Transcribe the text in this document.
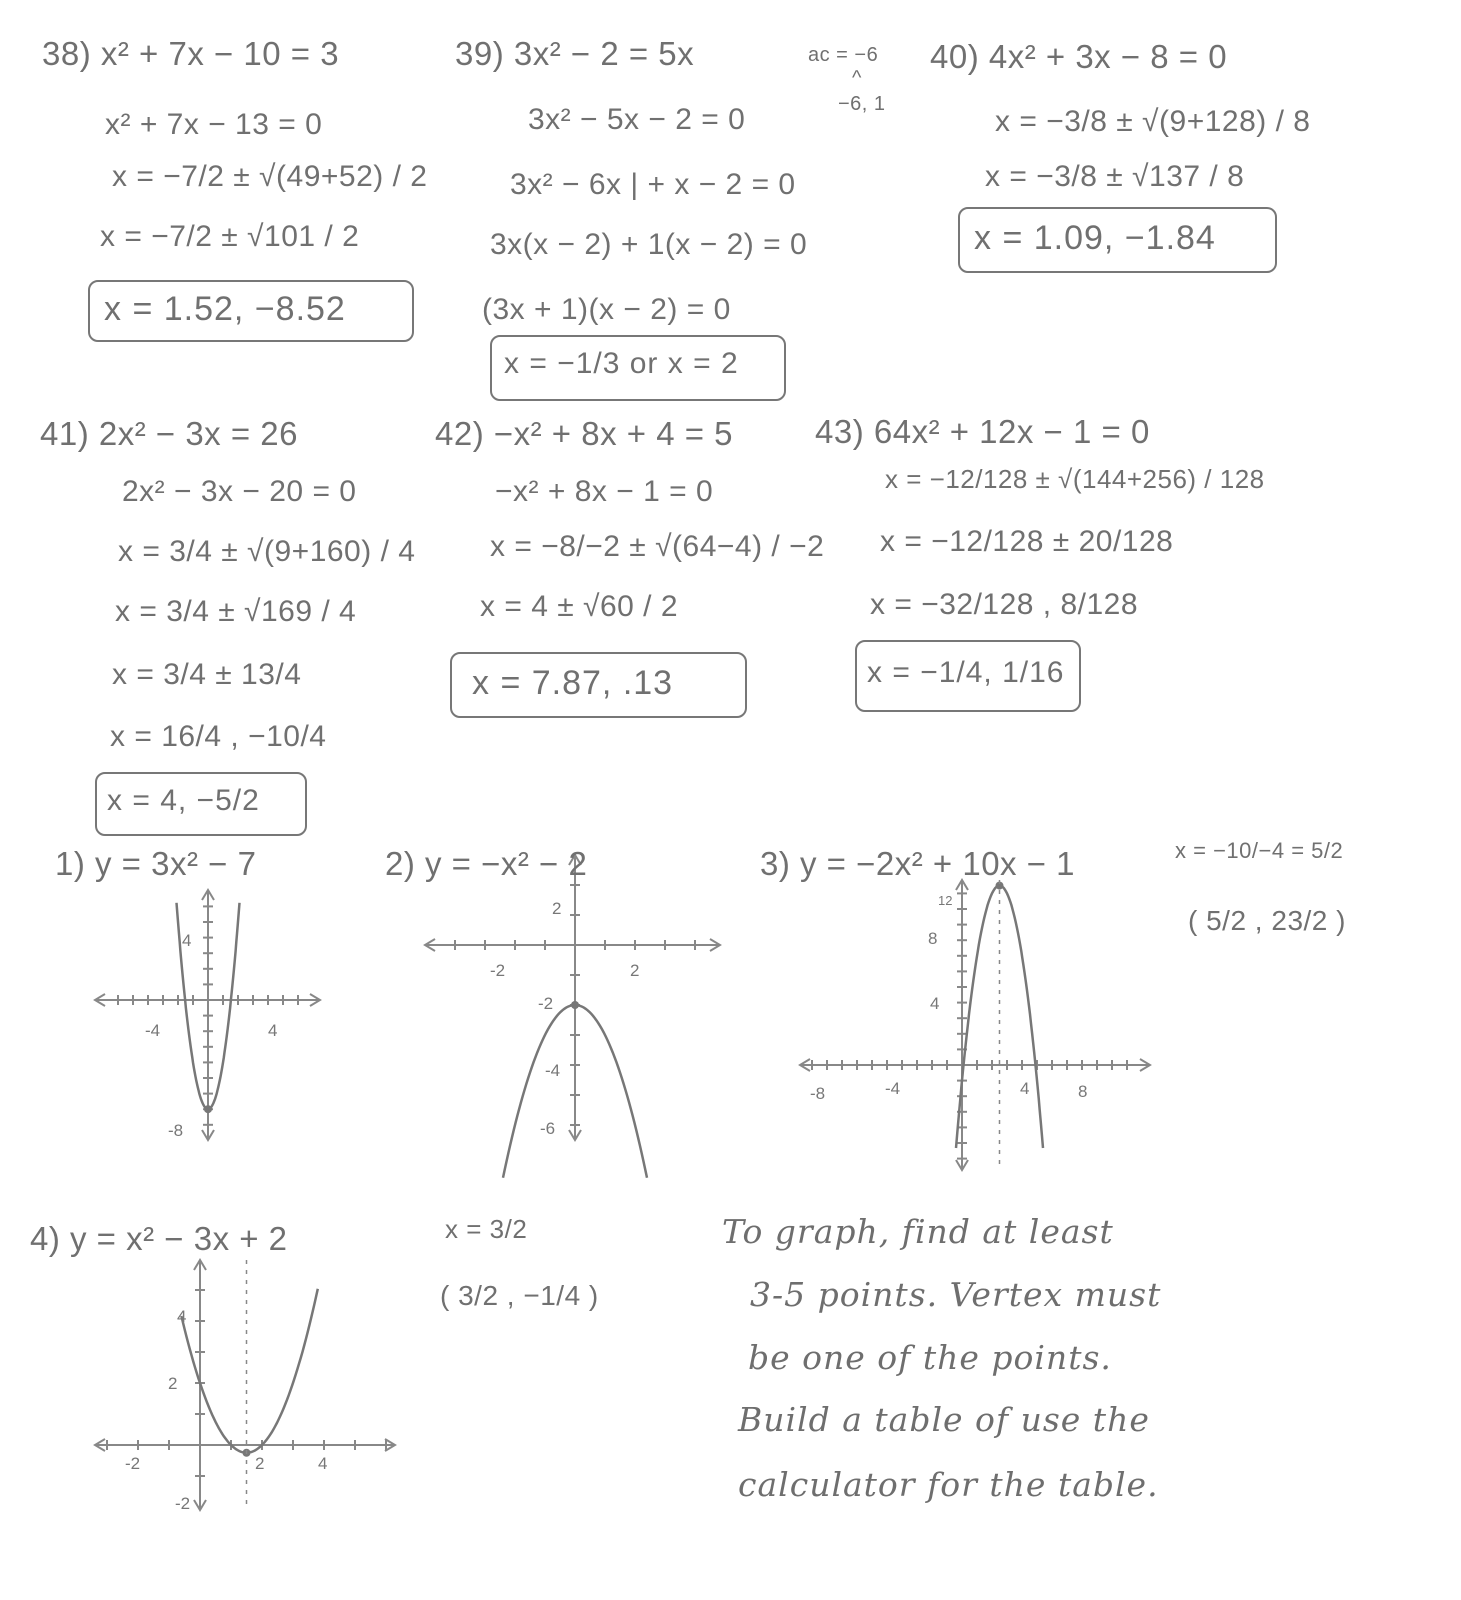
38) x² + 7x − 10 = 3
x² + 7x − 13 = 0
x = −7/2 ± √(49+52) / 2
x = −7/2 ± √101 / 2
x = 1.52, −8.52
39) 3x² − 2 = 5x
3x² − 5x − 2 = 0
3x² − 6x | + x − 2 = 0
3x(x − 2) + 1(x − 2) = 0
(3x + 1)(x − 2) = 0
x = −1/3 or x = 2
ac = −6
^
−6, 1
40) 4x² + 3x − 8 = 0
x = −3/8 ± √(9+128) / 8
x = −3/8 ± √137 / 8
x = 1.09, −1.84
41) 2x² − 3x = 26
2x² − 3x − 20 = 0
x = 3/4 ± √(9+160) / 4
x = 3/4 ± √169 / 4
x = 3/4 ± 13/4
x = 16/4 , −10/4
x = 4, −5/2
42) −x² + 8x + 4 = 5
−x² + 8x − 1 = 0
x = −8/−2 ± √(64−4) / −2
x = 4 ± √60 / 2
x = 7.87, .13
43) 64x² + 12x − 1 = 0
x = −12/128 ± √(144+256) / 128
x = −12/128 ± 20/128
x = −32/128 , 8/128
x = −1/4, 1/16
1) y = 3x² − 7	2) y = −x² − 2	3) y = −2x² + 10x − 1
4) y = x² − 3x + 2
-4	4
4
-8
-2	2
-2
-4
-6
2
-8	-4	4	8
8
4
12
x = −10/−4 = 5/2
( 5/2 , 23/2 )
-2	2	4
4
2
-2
x = 3/2
( 3/2 , −1/4 )
To graph, find at least
3-5 points. Vertex must
be one of the points.
Build a table of use the
calculator for the table.
